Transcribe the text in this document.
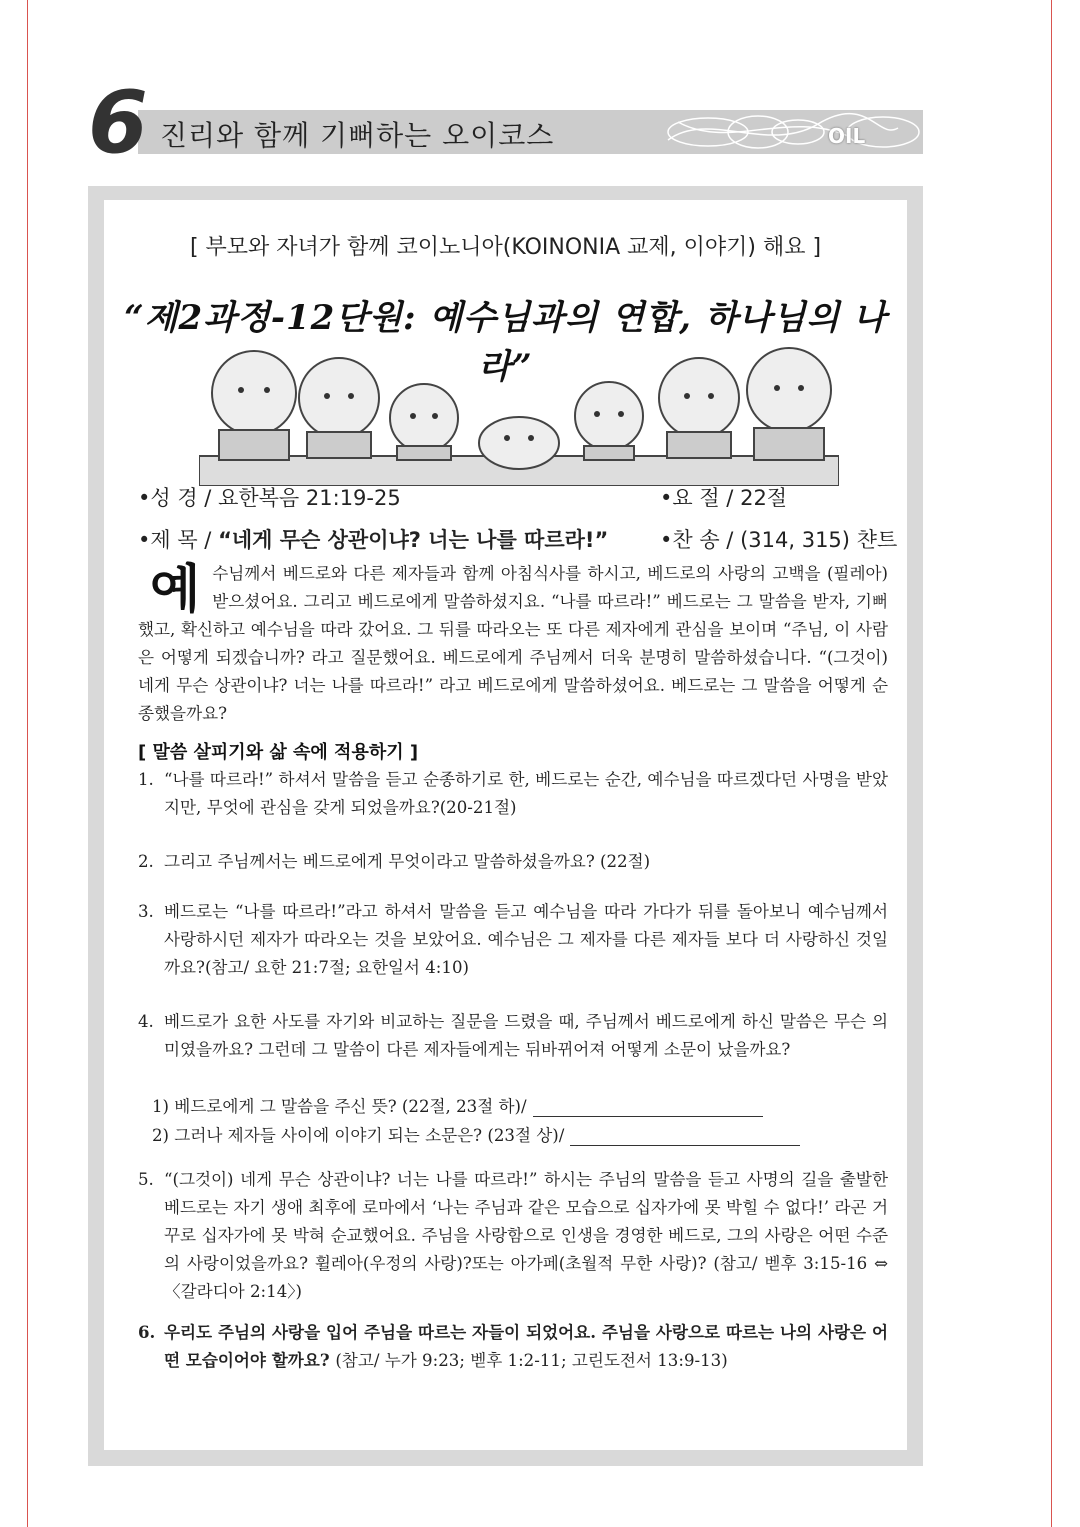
6 진리와 함께 기뻐하는 오이코스	OIL
[ 부모와 자녀가 함께 코이노니아(KOINONIA 교제, 이야기) 해요 ]
“제2과정-12단원: 예수님과의 연합, 하나님의 나라”
•성 경 / 요한복음 21:19-25	•요 절 / 22절
•제 목 / “네게 무슨 상관이냐? 너는 나를 따르라!” •찬 송 / (314, 315) 챤트
예수님께서 베드로와 다른 제자들과 함께 아침식사를 하시고, 베드로의 사랑의 고백을 (필레아) 받으셨어요. 그리고 베드로에게 말씀하셨지요. “나를 따르라!” 베드로는 그 말씀을 받자, 기뻐했고, 확신하고 예수님을 따라 갔어요. 그 뒤를 따라오는 또 다른 제자에게 관심을 보이며 “주님, 이 사람은 어떻게 되겠습니까? 라고 질문했어요. 베드로에게 주님께서 더욱 분명히 말씀하셨습니다. “(그것이) 네게 무슨 상관이냐? 너는 나를 따르라!” 라고 베드로에게 말씀하셨어요. 베드로는 그 말씀을 어떻게 순종했을까요?
[ 말씀 살피기와 삶 속에 적용하기 ]
1. “나를 따르라!” 하셔서 말씀을 듣고 순종하기로 한, 베드로는 순간, 예수님을 따르겠다던 사명을 받았지만, 무엇에 관심을 갖게 되었을까요?(20-21절)
2. 그리고 주님께서는 베드로에게 무엇이라고 말씀하셨을까요? (22절)
3. 베드로는 “나를 따르라!”라고 하셔서 말씀을 듣고 예수님을 따라 가다가 뒤를 돌아보니 예수님께서 사랑하시던 제자가 따라오는 것을 보았어요. 예수님은 그 제자를 다른 제자들 보다 더 사랑하신 것일까요?(참고/ 요한 21:7절; 요한일서 4:10)
4. 베드로가 요한 사도를 자기와 비교하는 질문을 드렸을 때, 주님께서 베드로에게 하신 말씀은 무슨 의미였을까요? 그런데 그 말씀이 다른 제자들에게는 뒤바뀌어져 어떻게 소문이 났을까요?
1) 베드로에게 그 말씀을 주신 뜻? (22절, 23절 하)/
2) 그러나 제자들 사이에 이야기 되는 소문은? (23절 상)/
5. “(그것이) 네게 무슨 상관이냐? 너는 나를 따르라!” 하시는 주님의 말씀을 듣고 사명의 길을 출발한 베드로는 자기 생애 최후에 로마에서 ‘나는 주님과 같은 모습으로 십자가에 못 박힐 수 없다!’ 라곤 거꾸로 십자가에 못 박혀 순교했어요. 주님을 사랑함으로 인생을 경영한 베드로, 그의 사랑은 어떤 수준의 사랑이었을까요? 휠레아(우정의 사랑)?또는 아가페(초월적 무한 사랑)? (참고/ 벧후 3:15-16 ⇔ 〈갈라디아 2:14〉)
6. 우리도 주님의 사랑을 입어 주님을 따르는 자들이 되었어요. 주님을 사랑으로 따르는 나의 사랑은 어떤 모습이어야 할까요? (참고/ 누가 9:23; 벧후 1:2-11; 고린도전서 13:9-13)
